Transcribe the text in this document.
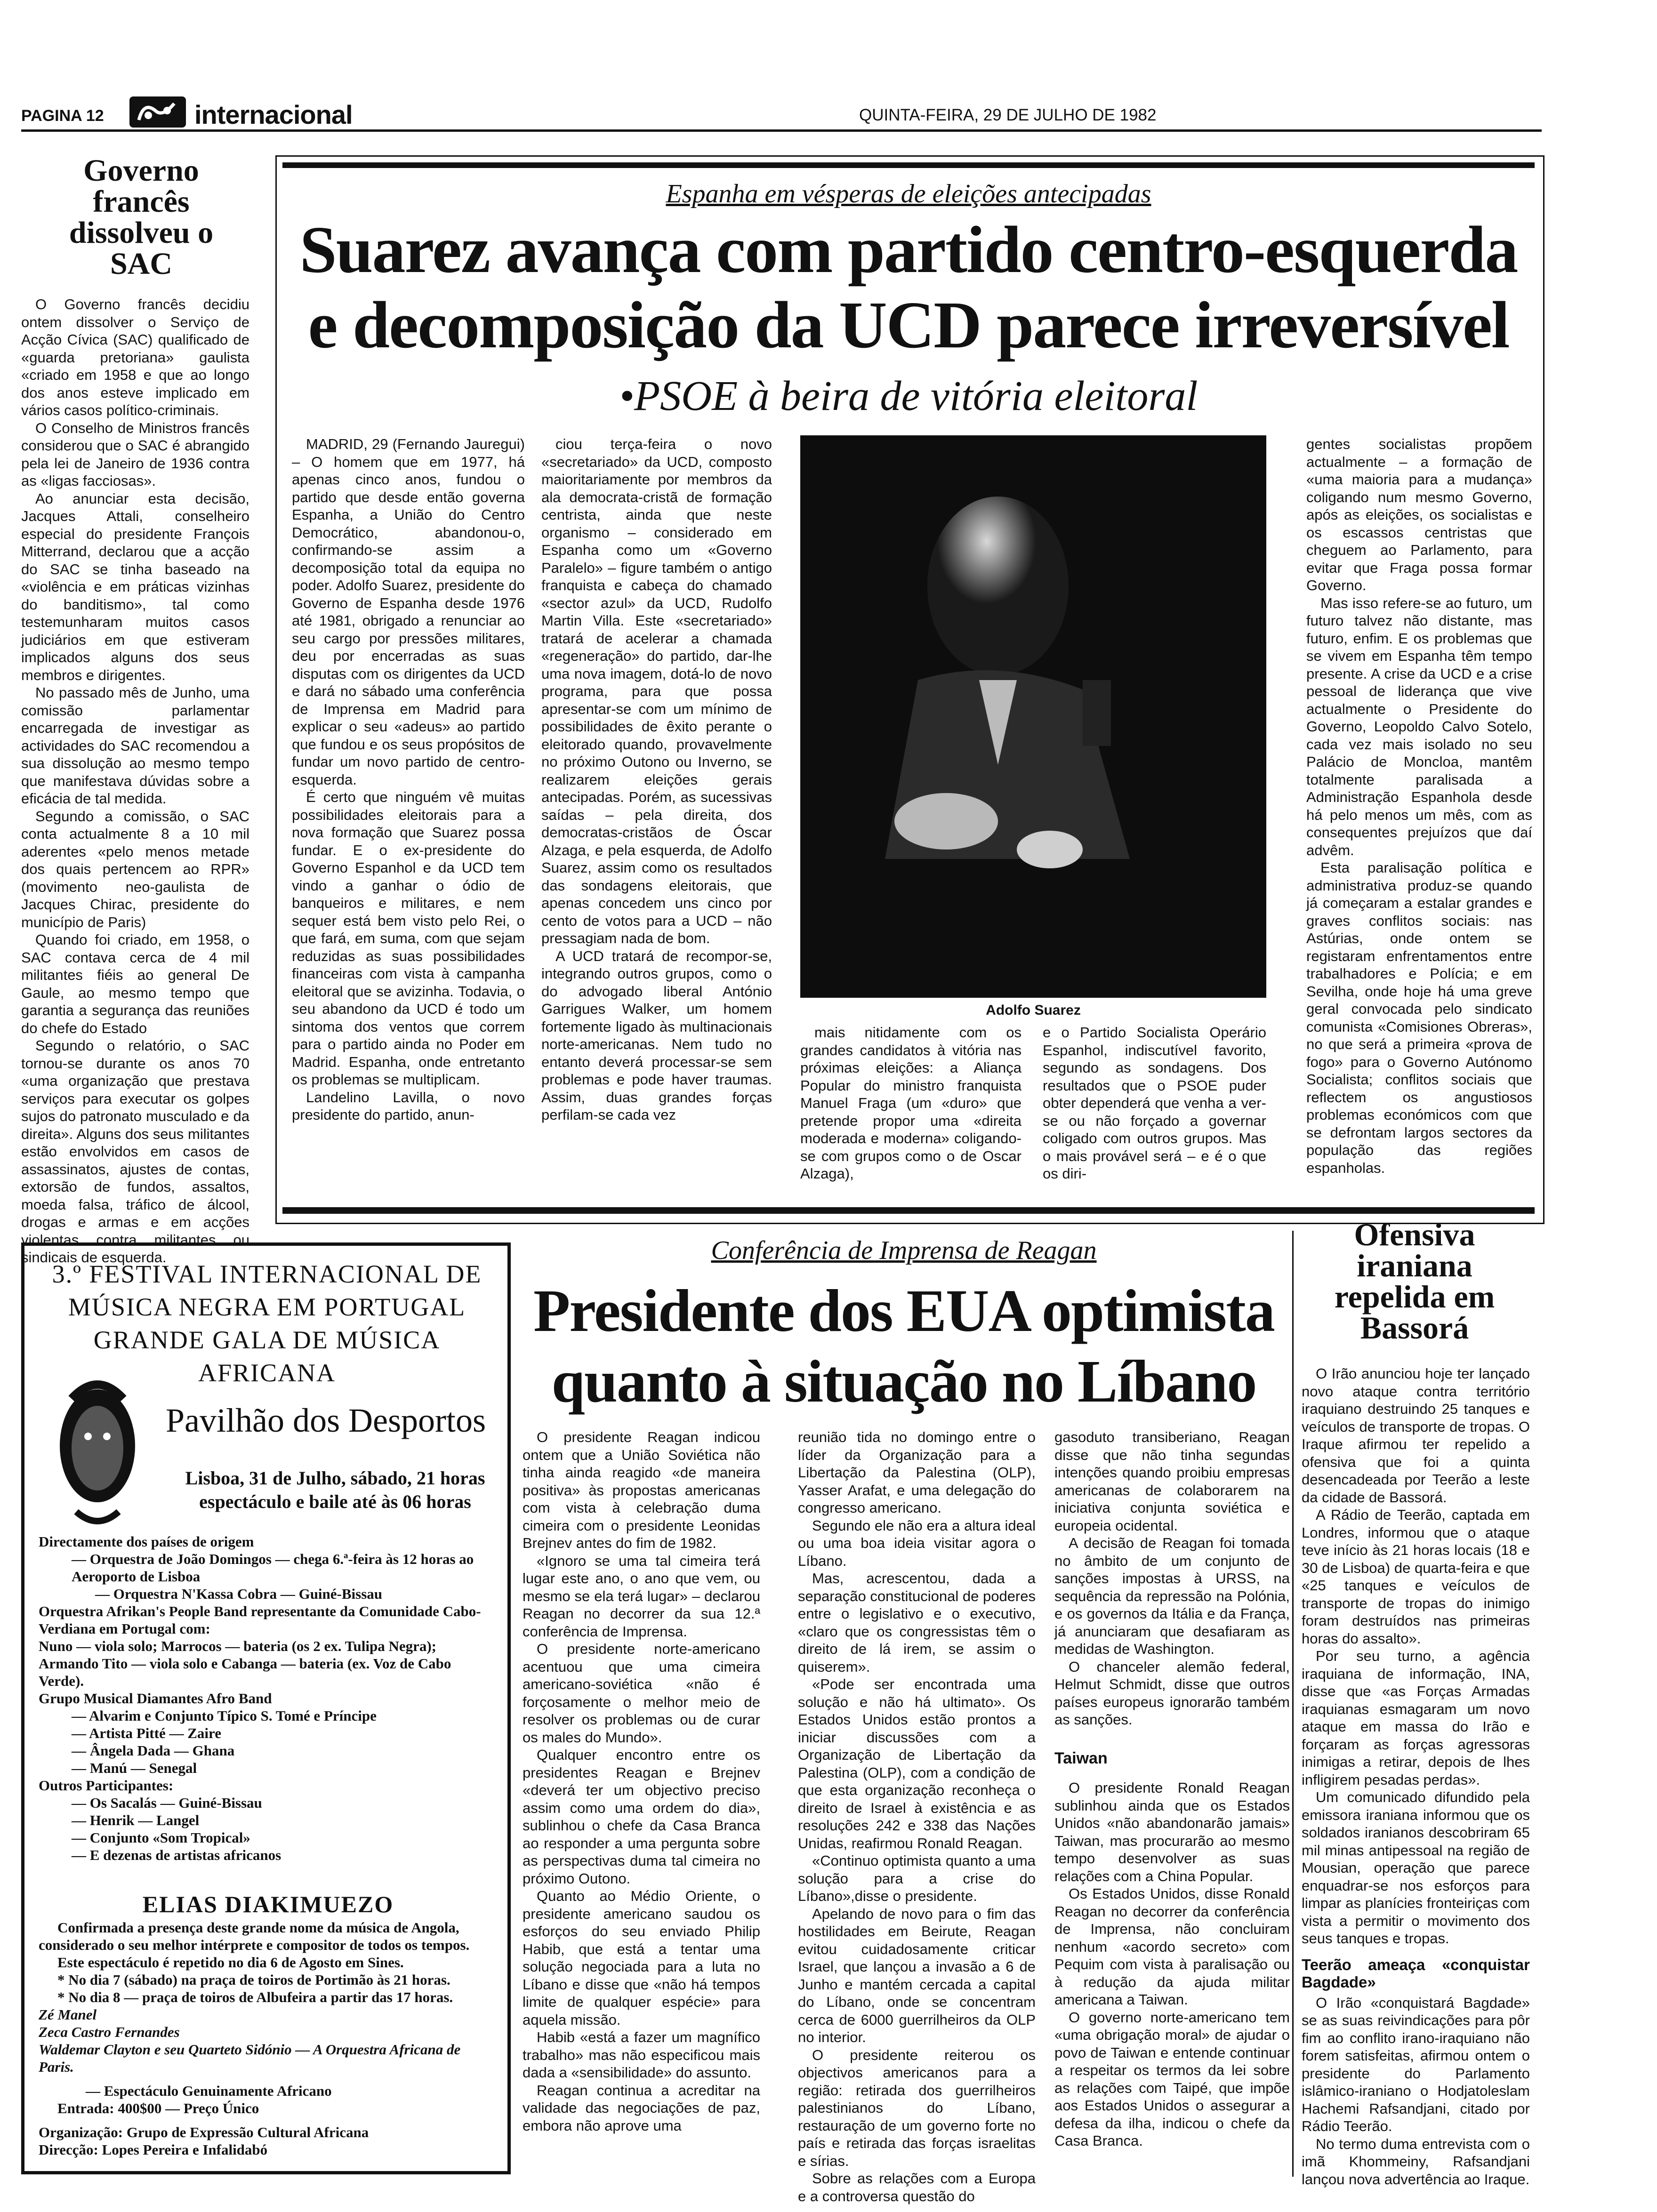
PAGINA 12	internacional	QUINTA-FEIRA, 29 DE JULHO DE 1982
Governo francês dissolveu o SAC

O Governo francês decidiu ontem dissolver o Serviço de Acção Cívica (SAC) qualificado de «guarda pretoriana» gaulista «criado em 1958 e que ao longo dos anos esteve implicado em vários casos político-criminais.

O Conselho de Ministros francês considerou que o SAC é abrangido pela lei de Janeiro de 1936 contra as «ligas facciosas».

Ao anunciar esta decisão, Jacques Attali, conselheiro especial do presidente François Mitterrand, declarou que a acção do SAC se tinha baseado na «violência e em práticas vizinhas do banditismo», tal como testemunharam muitos casos judiciários em que estiveram implicados alguns dos seus membros e dirigentes.

No passado mês de Junho, uma comissão parlamentar encarregada de investigar as actividades do SAC recomendou a sua dissolução ao mesmo tempo que manifestava dúvidas sobre a eficácia de tal medida.

Segundo a comissão, o SAC conta actualmente 8 a 10 mil aderentes «pelo menos metade dos quais pertencem ao RPR» (movimento neo-gaulista de Jacques Chirac, presidente do município de Paris)

Quando foi criado, em 1958, o SAC contava cerca de 4 mil militantes fiéis ao general De Gaule, ao mesmo tempo que garantia a segurança das reuniões do chefe do Estado

Segundo o relatório, o SAC tornou-se durante os anos 70 «uma organização que prestava serviços para executar os golpes sujos do patronato musculado e da direita». Alguns dos seus militantes estão envolvidos em casos de assassinatos, ajustes de contas, extorsão de fundos, assaltos, moeda falsa, tráfico de álcool, drogas e armas e em acções violentas contra militantes ou sindicais de esquerda.

Espanha em vésperas de eleições antecipadas
Suarez avança com partido centro-esquerda
e decomposição da UCD parece irreversível
•PSOE à beira de vitória eleitoral

MADRID, 29 (Fernando Jauregui) – O homem que em 1977, há apenas cinco anos, fundou o partido que desde então governa Espanha, a União do Centro Democrático, abandonou-o, confirmando-se assim a decomposição total da equipa no poder. Adolfo Suarez, presidente do Governo de Espanha desde 1976 até 1981, obrigado a renunciar ao seu cargo por pressões militares, deu por encerradas as suas disputas com os dirigentes da UCD e dará no sábado uma conferência de Imprensa em Madrid para explicar o seu «adeus» ao partido que fundou e os seus propósitos de fundar um novo partido de centro-esquerda.

É certo que ninguém vê muitas possibilidades eleitorais para a nova formação que Suarez possa fundar. E o ex-presidente do Governo Espanhol e da UCD tem vindo a ganhar o ódio de banqueiros e militares, e nem sequer está bem visto pelo Rei, o que fará, em suma, com que sejam reduzidas as suas possibilidades financeiras com vista à campanha eleitoral que se avizinha. Todavia, o seu abandono da UCD é todo um sintoma dos ventos que correm para o partido ainda no Poder em Madrid. Espanha, onde entretanto os problemas se multiplicam.

Landelino Lavilla, o novo presidente do partido, anun-

ciou terça-feira o novo «secretariado» da UCD, composto maioritariamente por membros da ala democrata-cristã de formação centrista, ainda que neste organismo – considerado em Espanha como um «Governo Paralelo» – figure também o antigo franquista e cabeça do chamado «sector azul» da UCD, Rudolfo Martin Villa. Este «secretariado» tratará de acelerar a chamada «regeneração» do partido, dar-lhe uma nova imagem, dotá-lo de novo programa, para que possa apresentar-se com um mínimo de possibilidades de êxito perante o eleitorado quando, provavelmente no próximo Outono ou Inverno, se realizarem eleições gerais antecipadas. Porém, as sucessivas saídas – pela direita, dos democratas-cristãos de Óscar Alzaga, e pela esquerda, de Adolfo Suarez, assim como os resultados das sondagens eleitorais, que apenas concedem uns cinco por cento de votos para a UCD – não pressagiam nada de bom.

A UCD tratará de recompor-se, integrando outros grupos, como o do advogado liberal António Garrigues Walker, um homem fortemente ligado às multinacionais norte-americanas. Nem tudo no entanto deverá processar-se sem problemas e pode haver traumas. Assim, duas grandes forças perfilam-se cada vez

Adolfo Suarez

mais nitidamente com os grandes candidatos à vitória nas próximas eleições: a Aliança Popular do ministro franquista Manuel Fraga (um «duro» que pretende propor uma «direita moderada e moderna» coligando-se com grupos como o de Oscar Alzaga),

e o Partido Socialista Operário Espanhol, indiscutível favorito, segundo as sondagens. Dos resultados que o PSOE puder obter dependerá que venha a ver-se ou não forçado a governar coligado com outros grupos. Mas o mais provável será – e é o que os diri-

gentes socialistas propõem actualmente – a formação de «uma maioria para a mudança» coligando num mesmo Governo, após as eleições, os socialistas e os escassos centristas que cheguem ao Parlamento, para evitar que Fraga possa formar Governo.

Mas isso refere-se ao futuro, um futuro talvez não distante, mas futuro, enfim. E os problemas que se vivem em Espanha têm tempo presente. A crise da UCD e a crise pessoal de liderança que vive actualmente o Presidente do Governo, Leopoldo Calvo Sotelo, cada vez mais isolado no seu Palácio de Moncloa, mantêm totalmente paralisada a Administração Espanhola desde há pelo menos um mês, com as consequentes prejuízos que daí advêm.

Esta paralisação política e administrativa produz-se quando já começaram a estalar grandes e graves conflitos sociais: nas Astúrias, onde ontem se registaram enfrentamentos entre trabalhadores e Polícia; e em Sevilha, onde hoje há uma greve geral convocada pelo sindicato comunista «Comisiones Obreras», no que será a primeira «prova de fogo» para o Governo Autónomo Socialista; conflitos sociais que reflectem os angustiosos problemas económicos com que se defrontam largos sectores da população das regiões espanholas.

3.º FESTIVAL INTERNACIONAL DE MÚSICA NEGRA EM PORTUGAL GRANDE GALA DE MÚSICA AFRICANA
Pavilhão dos Desportos
Lisboa, 31 de Julho, sábado, 21 horas
espectáculo e baile até às 06 horas

Directamente dos países de origem

— Orquestra de João Domingos — chega 6.ª-feira às 12 horas ao Aeroporto de Lisboa

— Orquestra N'Kassa Cobra — Guiné-Bissau

Orquestra Afrikan's People Band representante da Comunidade Cabo-Verdiana em Portugal com:

Nuno — viola solo; Marrocos — bateria (os 2 ex. Tulipa Negra); Armando Tito — viola solo e Cabanga — bateria (ex. Voz de Cabo Verde).

Grupo Musical Diamantes Afro Band

— Alvarim e Conjunto Típico S. Tomé e Príncipe

— Artista Pitté — Zaire

— Ângela Dada — Ghana

— Manú — Senegal

Outros Participantes:

— Os Sacalás — Guiné-Bissau

— Henrik — Langel

— Conjunto «Som Tropical»

— E dezenas de artistas africanos

ELIAS DIAKIMUEZO

Confirmada a presença deste grande nome da música de Angola, considerado o seu melhor intérprete e compositor de todos os tempos.

Este espectáculo é repetido no dia 6 de Agosto em Sines.

* No dia 7 (sábado) na praça de toiros de Portimão às 21 horas.

* No dia 8 — praça de toiros de Albufeira a partir das 17 horas.

Zé Manel

Zeca Castro Fernandes

Waldemar Clayton e seu Quarteto Sidónio — A Orquestra Africana de Paris.

— Espectáculo Genuinamente Africano

Entrada: 400$00 — Preço Único

Organização: Grupo de Expressão Cultural Africana

Direcção: Lopes Pereira e Infalidabó

Conferência de Imprensa de Reagan
Presidente dos EUA optimista
quanto à situação no Líbano

O presidente Reagan indicou ontem que a União Soviética não tinha ainda reagido «de maneira positiva» às propostas americanas com vista à celebração duma cimeira com o presidente Leonidas Brejnev antes do fim de 1982.

«Ignoro se uma tal cimeira terá lugar este ano, o ano que vem, ou mesmo se ela terá lugar» – declarou Reagan no decorrer da sua 12.ª conferência de Imprensa.

O presidente norte-americano acentuou que uma cimeira americano-soviética «não é forçosamente o melhor meio de resolver os problemas ou de curar os males do Mundo».

Qualquer encontro entre os presidentes Reagan e Brejnev «deverá ter um objectivo preciso assim como uma ordem do dia», sublinhou o chefe da Casa Branca ao responder a uma pergunta sobre as perspectivas duma tal cimeira no próximo Outono.

Quanto ao Médio Oriente, o presidente americano saudou os esforços do seu enviado Philip Habib, que está a tentar uma solução negociada para a luta no Líbano e disse que «não há tempos limite de qualquer espécie» para aquela missão.

Habib «está a fazer um magnífico trabalho» mas não especificou mais dada a «sensibilidade» do assunto.

Reagan continua a acreditar na validade das negociações de paz, embora não aprove uma

reunião tida no domingo entre o líder da Organização para a Libertação da Palestina (OLP), Yasser Arafat, e uma delegação do congresso americano.

Segundo ele não era a altura ideal ou uma boa ideia visitar agora o Líbano.

Mas, acrescentou, dada a separação constitucional de poderes entre o legislativo e o executivo, «claro que os congressistas têm o direito de lá irem, se assim o quiserem».

«Pode ser encontrada uma solução e não há ultimato». Os Estados Unidos estão prontos a iniciar discussões com a Organização de Libertação da Palestina (OLP), com a condição de que esta organização reconheça o direito de Israel à existência e as resoluções 242 e 338 das Nações Unidas, reafirmou Ronald Reagan.

«Continuo optimista quanto a uma solução para a crise do Líbano»,disse o presidente.

Apelando de novo para o fim das hostilidades em Beirute, Reagan evitou cuidadosamente criticar Israel, que lançou a invasão a 6 de Junho e mantém cercada a capital do Líbano, onde se concentram cerca de 6000 guerrilheiros da OLP no interior.

O presidente reiterou os objectivos americanos para a região: retirada dos guerrilheiros palestinianos do Líbano, restauração de um governo forte no país e retirada das forças israelitas e sírias.

Sobre as relações com a Europa e a controversa questão do

gasoduto transiberiano, Reagan disse que não tinha segundas intenções quando proibiu empresas americanas de colaborarem na iniciativa conjunta soviética e europeia ocidental.

A decisão de Reagan foi tomada no âmbito de um conjunto de sanções impostas à URSS, na sequência da repressão na Polónia, e os governos da Itália e da França, já anunciaram que desafiaram as medidas de Washington.

O chanceler alemão federal, Helmut Schmidt, disse que outros países europeus ignorarão também as sanções.

Taiwan

O presidente Ronald Reagan sublinhou ainda que os Estados Unidos «não abandonarão jamais» Taiwan, mas procurarão ao mesmo tempo desenvolver as suas relações com a China Popular.

Os Estados Unidos, disse Ronald Reagan no decorrer da conferência de Imprensa, não concluiram nenhum «acordo secreto» com Pequim com vista à paralisação ou à redução da ajuda militar americana a Taiwan.

O governo norte-americano tem «uma obrigação moral» de ajudar o povo de Taiwan e entende continuar a respeitar os termos da lei sobre as relações com Taipé, que impõe aos Estados Unidos o assegurar a defesa da ilha, indicou o chefe da Casa Branca.

Ofensiva iraniana repelida em Bassorá

O Irão anunciou hoje ter lançado novo ataque contra território iraquiano destruindo 25 tanques e veículos de transporte de tropas. O Iraque afirmou ter repelido a ofensiva que foi a quinta desencadeada por Teerão a leste da cidade de Bassorá.

A Rádio de Teerão, captada em Londres, informou que o ataque teve início às 21 horas locais (18 e 30 de Lisboa) de quarta-feira e que «25 tanques e veículos de transporte de tropas do inimigo foram destruídos nas primeiras horas do assalto».

Por seu turno, a agência iraquiana de informação, INA, disse que «as Forças Armadas iraquianas esmagaram um novo ataque em massa do Irão e forçaram as forças agressoras inimigas a retirar, depois de lhes infligirem pesadas perdas».

Um comunicado difundido pela emissora iraniana informou que os soldados iranianos descobriram 65 mil minas antipessoal na região de Mousian, operação que parece enquadrar-se nos esforços para limpar as planícies fronteiriças com vista a permitir o movimento dos seus tanques e tropas.

Teerão ameaça «conquistar Bagdade»

O Irão «conquistará Bagdade» se as suas reivindicações para pôr fim ao conflito irano-iraquiano não forem satisfeitas, afirmou ontem o presidente do Parlamento islâmico-iraniano o Hodjatoleslam Hachemi Rafsandjani, citado por Rádio Teerão.

No termo duma entrevista com o imã Khommeiny, Rafsandjani lançou nova advertência ao Iraque.
